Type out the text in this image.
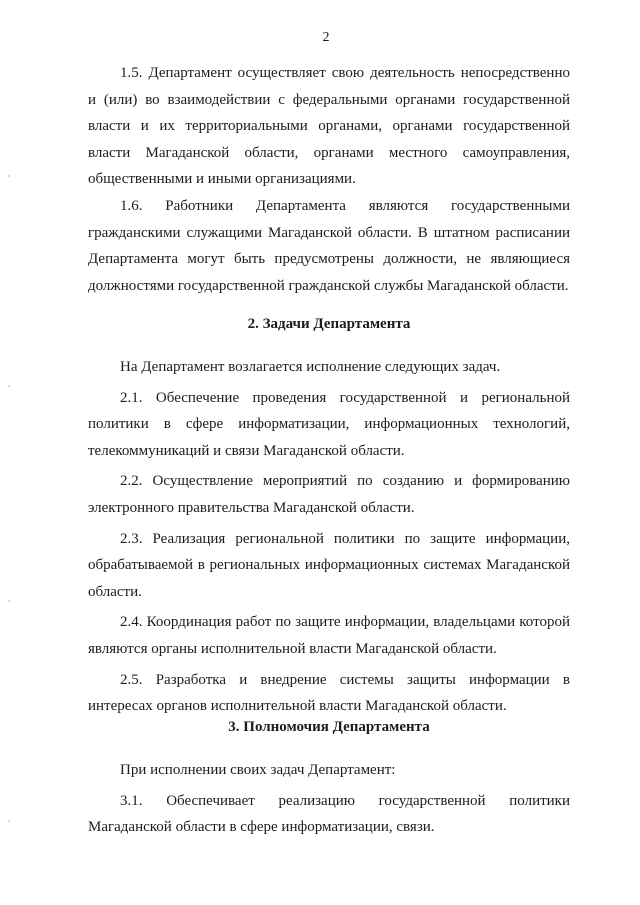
2

1.5. Департамент осуществляет свою деятельность непосредственно и (или) во взаимодействии с федеральными органами государственной власти и их территориальными органами, органами государственной власти Магаданской области, органами местного самоуправления, общественными и иными организациями.

1.6. Работники Департамента являются государственными гражданскими служащими Магаданской области. В штатном расписании Департамента могут быть предусмотрены должности, не являющиеся должностями государственной гражданской службы Магаданской области.

2. Задачи Департамента

На Департамент возлагается исполнение следующих задач.

2.1. Обеспечение проведения государственной и региональной политики в сфере информатизации, информационных технологий, телекоммуникаций и связи Магаданской области.

2.2. Осуществление мероприятий по созданию и формированию электронного правительства Магаданской области.

2.3. Реализация региональной политики по защите информации, обрабатываемой в региональных информационных системах Магаданской области.

2.4. Координация работ по защите информации, владельцами которой являются органы исполнительной власти Магаданской области.

2.5. Разработка и внедрение системы защиты информации в интересах органов исполнительной власти Магаданской области.

3. Полномочия Департамента

При исполнении своих задач Департамент:

3.1. Обеспечивает реализацию государственной политики Магаданской области в сфере информатизации, связи.
